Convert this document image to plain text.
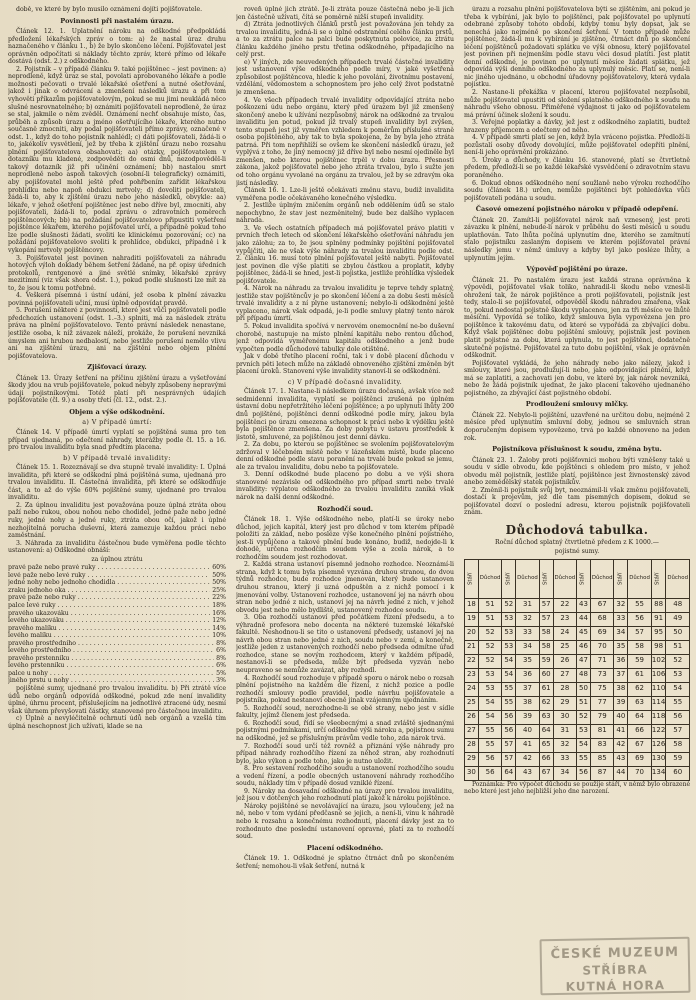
době, ve které by bylo musilo oznámení dojíti pojišťovatele.

Povinnosti při nastalém úrazu.

Článek 12. 1. Uplatnění nároku na odškodné předpokládá předložení lékařských zpráv o tom: a) že nastal úraz druhu naznačeného v článku 1., b) že bylo skončeno léčení. Pojišťovatel jest oprávněn odpočítati si náklady těchto zpráv, které přímo od lékaře dostává (odst. 2.) z odškodného.

2. Pojistník – v případě článku 9. také pojištěnec – jest povinen: a) neprodleně, když úraz se stal, povolati aprobovaného lékaře a podle možnosti pečovati o trvalé lékařské ošetření a nutné ošetřování, jakož i jinak o odvrácení a zmenšení následků úrazu a při tom vyhověti příkazům pojišťovatelovým, pokud se mu jimi neukládá něco slušné nesrovnatelného; b) oznámiti pojišťovateli neprodleně, že úraz se stal, jakmile o něm zvěděl. Oznámení nechť obsahuje místo, čas, průběh a způsob úrazu a jméno ošetřujícího lékaře, kterého nutno současně zmocniti, aby podal pojišťovateli přímo zprávy, označené v odst. 1., když do toho pojistník nahlédl; c) dáti pojišťovateli, žádá-li o to, jakékoliv vysvětlení, jež by třeba k zjištění úrazu nebo rozsahu plnění pojišťovatelova obsahovati; aa) otázky, pojišťovatelem v dotazníku mu kladené, zodpověděti do osmi dnů, nezodpověděl-li takový dotazník již při učinění oznámení; bb) nastalou smrt neprodleně nebo aspoň takových (osobní-li telegraficky) oznámiti, aby pojišťovatel mohl ještě před pohřbením zařídit lékařskou prohlídku nebo napoň obdukci mrtvoly; d) dovoliti pojišťovateli, žádá-li to, aby k zjištění úrazu nebo jeho následků, obvykle: aa) lékaře, v jehož ošetření pojištěnec jest nebo dříve byl, zmocniti, aby pojišťovateli, žádá-li to, podal zprávu o zdravotních poměrech pojištěncových; bb) na požádání pojišťovatelovo připustiti vyšetření pojištěnce lékařem, kterého pojišťovatel určí, a případně pokud toho lze podle slušnosti žádati, svoliti ke klinickému pozorování; cc) na požádání pojišťovatelovo svoliti k prohlídce, obdukci, případně i k vykopání mrtvoly pojištěncovy.

3. Pojišťovatel jest povinen nahraditi pojišťovateli za náhradu hotových výloh doklady během šetření žádané, na př. opisy úředních protokolů, rentgenové a jiné světlé snímky, lékařské zprávy mezitímní (viz však shora odst. 1.), pokud podle slušnosti lze mít za to, že jsou k tomu potřebné.

4. Veškerá písemná i ústní udání, jež osoba k plnění závazku povinná pojišťovateli učiní, musí úplně odpovídat pravdě.

5. Porušení některé z povinností, které jest vůči pojišťovateli podle předchozích ustanovení (odst. 1.–3.) splniti, má za následek ztrátu práva na plnění pojišťovatelovo. Tento právní následek nenastane, jestliže osoba, k níž závazek náleží, prokáže, že porušení nevzniká úmyslem ani hrubou nedbalostí, nebo jestliže porušení nemělo vlivu ani na zjištění úrazu, ani na zjištění nebo objem plnění pojišťovatelova.

Zjišťovací úrazy.

Článek 13. Úrazy šetření na příčinu zjištění úrazu a vyšetřování škody jdou na vrub pojišťovatele, pokud nebyly způsobeny nepravými údaji pojistníkovými. Totéž platí při nesprávných údajích pojišťovatele (čl. 9.) a osoby třetí (čl. 12., odst. 2.).

Objem a výše odškodnění.
a) V případě úmrtí:

Článek 14. V případě úmrtí vyplatí se pojištěná suma pro ten případ ujednaná, po odečtení náhrady, kterážby podle čl. 15. a 16. pro trvalou invaliditu byla snad předtím placena.

b) V případě trvalé invalidity:

Článek 15. 1. Rozeznávají se dva stupně trvalé invalidity: I. Úplná invalidita, při které se odškodní plná pojištěná suma, ujednaná pro trvalou invaliditu. II. Částečná invalidita, při které se odškodňuje část, a to až do výše 60% pojištěné sumy, ujednané pro trvalou invaliditu.

2. Za úplnou invaliditu jest považována pouze úplná ztráta obou paží nebo rukou, obou nohou nebo chodidel, jedné paže nebo jedné ruky, jedné nohy a jedné ruky, ztráta obou očí, jakož i úplné nezhojitelná porucha duševní, která zamezuje každou práci nebo zaměstnání.

3. Náhrada za invaliditu částečnou bude vyměřena podle těchto ustanovení: a) Odškodné obnáší:

za úplnou ztrátu
pravé paže nebo pravé ruky . . .	60%
levé paže nebo levé ruky . . .	50%
jedné nohy nebo jednoho chodidla . . .	50%
zraku jednoho oka . . .	25%
pravé paže nebo ruky . . .	22%
palce levé ruky . . .	18%
pravého ukazováku . . .	16%
levého ukazováku . . .	12%
pravého malíku . . .	14%
levého malíku . . .	10%
pravého prostředního . . .	8%
levého prostředního . . .	6%
pravého prstenníku . . .	8%
levého prstenníku . . .	6%
palce u nohy . . .	5%
jiného prstu u nohy . . .	3%

pojištěné sumy, ujednané pro trvalou invaliditu. b) Při ztrátě více údů nebo orgánů odpovídá odškodné, pokud zde není invalidity úplné, úhrnu procent, příslušejícím na jednotlivé ztracené údy, nesmí však úhrnem převyšovati částky, stanovené pro částečnou invaliditu.

c) Úplně a nevyléčitelně ochrnutí údů neb orgánů a vzešlá tím úplná neschopnost jich užívati, klade se na

roveň úplné jich ztrátě. Je-li ztráta pouze částečná nebo je-li jich jen částečně užívati, čítá se poměrně nižší stupeň invalidity.

d) Ztráta jednotlivých článků prstů jest považována jen tehdy za trvalou invaliditu, jedná-li se o úplné odstranění celého článku prstů, a to za ztrátu palce na palci bude poskytnuta polovice, za ztrátu článku každého jiného prstu třetina odškodného, připadajícího na celý prst.

e) V jiných, zde neuvedených případech trvalé částečné invalidity jest ustanovení výše odškodného podle míry, v jaké vyšetřená způsobilost pojištěncova, hledíc k jeho povolání, životnímu postavení, vzdělání, vědomostem a schopnostem pro jeho celý život podstatně je zmenšena.

4. Ve všech případech trvalé invalidity odpovídající ztráta nebo poškození údu nebo orgánu, který před úrazem byl již zmenšený skončený anebo k užívání nezpůsobný, nárok na odškodné za trvalou invaliditu jen potud, pokud již trvalý stupeň invalidity byl zvýšen, tento stupeň jest již vyměřen vzhledem k poměrům příslušné straně osoba pojištěného, aby tak to byla spokojena, že by byla jeho ztráta patrná. Při tom nepřihlíží se ovšem ke skončení následků úrazu, jež vyplývá z toho, že jiný nemocný již dříve byl nebo nesmí ojediněle byl zmenšen, nebo kterou pojištěnec trpěl v dobu úrazu. Přesnosti zákona, jakož pojišťovatel nebo jeho ztráta trvalou, bylo i sužte jen od toho orgánu vyvolané na orgánu za trvalou, jež by se zdravým oka jistí následky.

Článek 16. 1. Lze-li ještě očekávati změnu stavu, budiž invalidita vyměřena podle očekávaného konečného výsledku.

2. Jestliže úplným zničením orgánů neb oddělením údů se stalo nepochybno, že stav jest nezměnitelný, bude bez dalšího vyplacen náhrada.

3. Ve všech ostatních případech má pojišťovatel právo platiti v prvních třech letech od skončení lékařského ošetřování náhradu jen jako zálohu; za to, že jsou splněny podmínky pojištění pojišťovatel vypůjčiti, ale ne však výše náhrady za trvalou invaliditu podle odst. 2. článku 16. musí toto plnění pojišťovatel ještě nabyti. Pojišťovatel jest povinen dle výše platiti se zbylou částkou a proplatit, kdyby pojištěnec, žádá-li se hned, jest-li pojistka, jestliže prohlídka výsledek pojišťovatele.

4. Nárok na náhradu za trvalou invaliditu je teprve tehdy splatný, jestliže stav pojištěncův je po skončení léčení a za dobu šesti měsíců trvalé invalidity a z ní plyne ustanovení; nebylo-li odškodnění ještě vyplaceno, nárok však odpadá, je-li podle smluvy platný tento nárok při případu úmrtí.

5. Pokud invalidita spočívá v nervovém onemocnění ne-bo duševní chorobě, nastupuje na místo plnění kapitálu nebo rentou důchod, jenž odpovídá vyměřenému kapitálu odškodného a jenž bude vypočten podle důchodové tabulky dole otištěné.

Jak v době třetího placení roční, tak i v době placení důchodu v prvních pěti letech může na základě obnoveného zjištění změněn být placení úroků. Stanovení výše invalidity stanoví-li se odškodnění.

c) V případě dočasné invalidity.

Článek 17. 1. Nastane-li následkem úrazu dočasná, avšak více než sedmidenní invalidita, vyplatí se pojištěnci zrušená po úplném ústavní dobu nepřetržitého léčení pojištěnce; a po uplynutí lhůty 200 dnů pojištěné, pojištěnci denní odškodné podle míry, jakou byla pojištěnci po úrazu omezena schopnost k práci nebo k výdělku ještě byla pojištěnce zmenšena. Za doby pobytu v ústavu prostředek k jistotě, smluvené, za pojištěnou jest denní dávku.

2. Za dobu, po kterou se pojištěnec se svolením pojišťovatelovým zdržoval v léčebném místě nebo v lázeňském místě, bude placeno denní odškodné podle stavu poranění na trvalé bude pokud se jemu, ale za trvalou invaliditu, dobu nebo ta pojišťovatele.

3. Denní odškodné bude placeno po dobu a ve výši shora stanovené nezávisle od odškodného pro případ smrti nebo trvalé invalidity: výplatou odškodného za trvalou invaliditu zaniká však nárok na další denní odškodné.

Rozhodčí soud.

Článek 18. 1. Výše odškodného nebo, platí-li se úroky nebo důchod, jejich kapitál, který jest pro důchod v tom kterém případě položiti za základ, nebo posléze výše konečného plnění pojistného, jest-li vypůjčeno a takové plnění bude konáno, budiž, nedojde-li k dohodě, určena rozhodčím soudem výše a zcela nárok, a to rozhodčím soudem jest rozhodovat.

2. Každá strana ustanoví písemně jednoho rozhodce. Neoznámí-li strana, když k tomu byla písemně vyzvána druhou stranou, do dvou týdnů rozhodce, bude rozhodce jmenován, který bude ustanoven druhou stranou, který ji uzná odpuštěn a z nichž pomocí i k jmenování volby. Ustanovení rozhodce, ustanovení jej na návrh obou stran nebo jedné z nich, ustanoví jej na návrh jedné z nich, v jehož obvodu jest nebo mělo bydliště, ustanovený rozhodce soudu.

3. Oba rozhodčí ustanoví před počátkem řízení předsedu, a to výhradně profesora nebo docenta na některé tuzemské lékařské fakultě. Neshodnou-li se tito o ustanovení předsedy, ustanoví jej na návrh obou stran nebo jedné z nich, soudu nebo v zemí, a konečně, jestliže jeden z ustanovených rozhodčí nebo předseda odmítne úřad rozhodce, stane se novým rozhodcem, který v každém případě, nestanoví-li se předseda, může být předseda vyzván nebo neupraveno se nemůže zavázat, aby rozhodl.

4. Rozhodčí soud rozhoduje v případě sporu o nárok nebo o rozsah plnění pojistného na každém dle řízení, z nichž pozice a podle rozhodčí smlouvy podle pravidel, podle návrhu pojišťovatele a pojistníka, pokud nestanoví obecně jinak vzájemným ujednáním.

5. Rozhodčí soud, nerozhodne-li se obě strany, nebo jest v sídle fakulty, jejímž členem jest předseda.

6. Rozhodčí soud, řídí se všeobecnými a snad zvláště sjednanými pojistnými podmínkami, určí odškodné výši nároku a, pojistnou sumu na odškodné, jež se příslušným právům vedle toho, zda nárok trvá.

7. Rozhodčí soud určí též rovněž a přiznání výše náhrady pro případ náhrady rozhodčího řízení za něhož stran, aby rozhodnutí bylo, jako výkon a podle toho, jako je nutno uložit.

8. Pro sestavení rozhodčího soudu a ustanovení rozhodčího soudu a vedení řízení, a podle obecných ustanovení náhrady rozhodčího soudu, náklady tím v případě dosud vzniklé řízení.

9. Nároky na dosavadní odškodné na úrazy pro trvalou invaliditu, jež jsou v dotčených jeho rozhodnutí platí jakož k nároku pojištěnce.

Nároky pojištěné se nevolávající na úrazu, jsou vyloučeny, jež na ně, nebo v tom vydání předčasně se jejich, a není-li, vinu k náhradě nebo k rozsahu a konečnému rozhodnutí, placení dávky jest za to rozhodnuto dne poslední ustanovení opravné, platí za to rozhodčí soud.

Placení odškodného.

Článek 19. 1. Odškodné je splatno čtrnáct dnů po skončeném šetření; nemohou-li však šetření, nutná k

úrazu a rozsahu plnění pojišťovatelova býti se zjištěním, ani pokud je třeba k vybírání, jak bylo to pojištěnci, pak pojišťovatel po uplynutí odebrané způsoby tohoto období, kdyby tomu byly dopsat, jak se nenechá jako nejméně po skončení šetření. V tomto případě může pojištěnec, žádá-li mu k vybírání je zjištěno, čtrnáct dnů po skončení léčení pojištěnců požadovati splátku ve výši obnosu, který pojišťovatel jest povinen při nejmenším podle stavu věci dosud platiti. Jest platit denní odškodné, je povinen po uplynutí měsíce žádati splátku, jež odpovídá výši denního odškodného za uplynulý měsíc. Platí se, není-li nic jiného ujednáno, u obchodní úřadovny pojišťovatelovy, která vydala pojistku.

2. Nastane-li překážka v placení, kterou pojišťovatel nezpůsobil, může pojišťovatel upustiti od složení splatného odškodného k soudu na náhradu všeho obnosu. Přiměřené výdajnost ti jako od pojišťovatelem má právní účinek složení k soudu.

3. Veřejné poplatky a dávky, jež jest z odškodného zaplatiti, budtež hrazeny příjemcem a odečteny od něho.

4. V případě smrti platí se jen, když byla vráceno pojistka. Předloží-li pozůstalí osoby důvody dovolující, může pojišťovatel odepříti plnění, není-li jeho oprávnění prokázáno.

5. Úroky a důchody, v článku 16. stanovené, platí se čtvrtletně předem, předloží-li se po každé lékařské vysvědčení o zdravotním stavu poraněného.

6. Dokud obnos odškodného není soužlaně nebo výroku rozhodčího soudu (článek 18.) určen, nemůže pojištěnci být pohledávka vůči pojišťovateli podána u soudu.

Časové omezení pojistného nároku v případě odepření.

Článek 20. Zamítl-li pojišťovatel nárok naň vznesený, jest proti závazku k plnění, nebude-li nárok v průběhu do šesti měsíců u soudu uplatňován. Tato lhůta počíná uplynutím dne, kterého se zamítnutí stalo pojistníku zaslaným dopisem ve kterém pojišťovatel právní následky jemu v němž úmluvy a kdyby byl jako posléze lhůty, a uplynutím jejím.

Výpověď pojištění po úraze.

Článek 21. Po nastalém úrazu jest každá strana oprávněna k výpovědi, pojišťovatel však toliko, nahradil-li škodu nebo vznesl-li ohrožení tak, že nárok pojištěnce a proti pojišťovateli, pojistník jest tedy, stalo-li se pojišťovatel, odpověděl škodu náhradou zmařena, však to, pokud nedostal pojistně škodu vyplacenou, jen za tři měsíce ve lhůtě měsíční. Vypovídá se toliko, když smlouva byla vypovězena jen pro pojištěnce k takovému datu, od které se vypořádá za zbývající dobu. Když však pojištěnec dobu pojištění smlouvy, pojistník jest povinen platit pojistné za dobu, která uplynula, to jest pojištěnci, dodatečně skutečně pojistné. Pojišťovatel za tuto dobu pojištění, však je oprávněn odškodnit.

Pojišťovatel vykládá, že jeho náhrady nebo jako nálezy, jakož i smlouvy, které jsou, prodlužují-li nebo, jako odpovídající plnění, když má se zaplatiti, a zachovati jen dobu, ve které by, jak nárok nevzniká, nebo že žádá pojistník ujednat, že jako placení takového ujednaného pojistného, za zbývající část pojistného období.

Prodloužení smlouvy mlčky.

Článek 22. Nebylo-li pojištění, uzavřené na určitou dobu, nejméně 2 měsíce před uplynutím smluvní doby, jednou se smluvních stran doporučeným dopisem vypovězeno, trvá po každé obnoveno na jeden rok.

Pojistníkova příslušnost k soudu, změna bytu.

Článek 23. 1. Žaloby proti pojišťovnici mohou býti vzněšeny také u soudu v sídle obvodu, kde pojištěnci s ohledem pro místo, v jehož obvodu měl pojistník, jestliže platí, pojištěnce jest živnostenský závod anebo zemědělský statek pojistníkův.

2. Změnil-li pojistník svůj byt, neoznámil-li však změnu pojišťovateli, dostačí k projevům, jež dle tam písemných dopisem, dokud se pojišťovatel dozví o poslední adresu, kterou pojistník pojišťovateli znám.

Důchodová tabulka.
Roční důchod splatný čtvrtletně předem z K 1000.—
pojistné sumy.
Stáří	Důchod	Stáří	Důchod	Stáří	Důchod	Stáří	Důchod	Stáří	Důchod	Stáří	Důchod
18	51	52	31	57	22	43	67	32	55	88	48
19	51	53	32	57	23	44	68	33	56	91	49
20	52	53	33	58	24	45	69	34	57	95	50
21	52	53	34	58	25	46	70	35	58	98	51
22	52	54	35	59	26	47	71	36	59	102	52
23	53	54	36	60	27	48	73	37	61	106	53
24	53	55	37	61	28	50	75	38	62	110	54
25	54	55	38	62	29	51	77	39	63	114	55
26	54	56	39	63	30	52	79	40	64	118	56
27	55	56	40	64	31	53	81	41	66	122	57
28	55	57	41	65	32	54	83	42	67	126	58
29	56	57	42	66	33	55	85	43	69	130	59
30	56	64	43	67	34	56	87	44	70	134	60

Poznámka: Pro výpočet důchodu se použije stáří, v němž bylo obrazené nebo které jest jeho nejbližší jeho dne narození.

ČESKÉ MUZEUM
STŘÍBRA
KUTNÁ HORA
